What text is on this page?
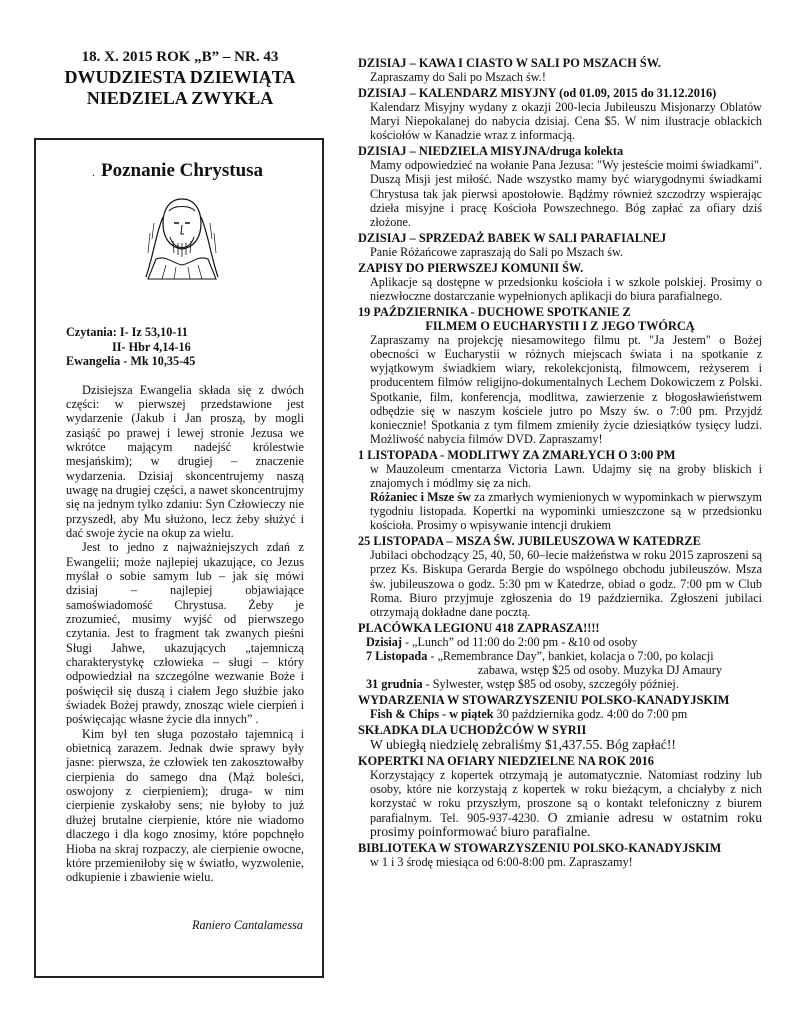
18. X. 2015 ROK „B” – NR. 43
DWUDZIESTA DZIEWIĄTA
NIEDZIELA ZWYKŁA
. Poznanie Chrystusa
Czytania: I- Iz 53,10-11
II- Hbr 4,14-16
Ewangelia - Mk 10,35-45

Dzisiejsza Ewangelia składa się z dwóch części: w pierwszej przedstawione jest wydarzenie (Jakub i Jan proszą, by mogli zasiąść po prawej i lewej stronie Jezusa we wkrótce mającym nadejść królestwie mesjańskim); w drugiej – znaczenie wydarzenia. Dzisiaj skoncentrujemy naszą uwagę na drugiej części, a nawet skoncentrujmy się na jednym tylko zdaniu: Syn Człowieczy nie przyszedł, aby Mu służono, lecz żeby służyć i dać swoje życie na okup za wielu.

Jest to jedno z najważniejszych zdań z Ewangelii; może najlepiej ukazujące, co Jezus myślał o sobie samym lub – jak się mówi dzisiaj – najlepiej objawiające samoświadomość Chrystusa. Żeby je zrozumieć, musimy wyjść od pierwszego czytania. Jest to fragment tak zwanych pieśni Sługi Jahwe, ukazujących „tajemniczą charakterystykę człowieka – sługi – który odpowiedział na szczególne wezwanie Boże i poświęcił się duszą i ciałem Jego służbie jako świadek Bożej prawdy, znosząc wiele cierpień i poświęcając własne życie dla innych” .

Kim był ten sługa pozostało tajemnicą i obietnicą zarazem. Jednak dwie sprawy były jasne: pierwsza, że człowiek ten zakosztowałby cierpienia do samego dna (Mąż boleści, oswojony z cierpieniem); druga- w nim cierpienie zyskałoby sens; nie byłoby to już dłużej brutalne cierpienie, które nie wiadomo dlaczego i dla kogo znosimy, które popchnęło Hioba na skraj rozpaczy, ale cierpienie owocne, które przemieniłoby się w światło, wyzwolenie, odkupienie i zbawienie wielu.

Raniero Cantalamessa
DZISIAJ – KAWA I CIASTO W SALI PO MSZACH ŚW.
Zapraszamy do Sali po Mszach św.!
DZISIAJ – KALENDARZ MISYJNY (od 01.09, 2015 do 31.12.2016)
Kalendarz Misyjny wydany z okazji 200-lecia Jubileuszu Misjonarzy Oblatów Maryi Niepokalanej do nabycia dzisiaj. Cena $5. W nim ilustracje oblackich kościołów w Kanadzie wraz z informacją.
DZISIAJ – NIEDZIELA MISYJNA/druga kolekta
Mamy odpowiedzieć na wołanie Pana Jezusa: "Wy jesteście moimi świadkami". Duszą Misji jest miłość. Nade wszystko mamy być wiarygodnymi świadkami Chrystusa tak jak pierwsi apostołowie. Bądźmy również szczodrzy wspierając dzieła misyjne i pracę Kościoła Powszechnego. Bóg zapłać za ofiary dziś złożone.
DZISIAJ – SPRZEDAŻ BABEK W SALI PARAFIALNEJ
Panie Różańcowe zapraszają do Sali po Mszach św.
ZAPISY DO PIERWSZEJ KOMUNII ŚW.
Aplikacje są dostępne w przedsionku kościoła i w szkole polskiej. Prosimy o niezwłoczne dostarczanie wypełnionych aplikacji do biura parafialnego.
19 PAŹDZIERNIKA - DUCHOWE SPOTKANIE Z
FILMEM O EUCHARYSTII I Z JEGO TWÓRCĄ
Zapraszamy na projekcję niesamowitego filmu pt. "Ja Jestem" o Bożej obecności w Eucharystii w różnych miejscach świata i na spotkanie z wyjątkowym świadkiem wiary, rekolekcjonistą, filmowcem, reżyserem i producentem filmów religijno-dokumentalnych Lechem Dokowiczem z Polski. Spotkanie, film, konferencja, modlitwa, zawierzenie z błogosławieństwem odbędzie się w naszym kościele jutro po Mszy św. o 7:00 pm. Przyjdź koniecznie! Spotkania z tym filmem zmieniły życie dziesiątków tysięcy ludzi. Możliwość nabycia filmów DVD. Zapraszamy!
1 LISTOPADA - MODLITWY ZA ZMARŁYCH O 3:00 PM
w Mauzoleum cmentarza Victoria Lawn. Udajmy się na groby bliskich i znajomych i módlmy się za nich.
Różaniec i Msze św za zmarłych wymienionych w wypominkach w pierwszym tygodniu listopada. Kopertki na wypominki umieszczone są w przedsionku kościoła. Prosimy o wpisywanie intencji drukiem
25 LISTOPADA – MSZA ŚW. JUBILEUSZOWA W KATEDRZE
Jubilaci obchodzący 25, 40, 50, 60–lecie małżeństwa w roku 2015 zaproszeni są przez Ks. Biskupa Gerarda Bergie do wspólnego obchodu jubileuszów. Msza św. jubileuszowa o godz. 5:30 pm w Katedrze, obiad o godz. 7:00 pm w Club Roma. Biuro przyjmuje zgłoszenia do 19 października. Zgłoszeni jubilaci otrzymają dokładne dane pocztą.
PLACÓWKA LEGIONU 418 ZAPRASZA!!!!
Dzisiaj - „Lunch” od 11:00 do 2:00 pm - &10 od osoby
7 Listopada - „Remembrance Day”, bankiet, kolacja o 7:00, po kolacji
zabawa, wstęp $25 od osoby. Muzyka DJ Amaury
31 grudnia - Sylwester, wstęp $85 od osoby, szczegóły później.
WYDARZENIA W STOWARZYSZENIU POLSKO-KANADYJSKIM
Fish & Chips - w piątek 30 października godz. 4:00 do 7:00 pm
SKŁADKA DLA UCHODŹCÓW W SYRII
W ubiegłą niedzielę zebraliśmy $1,437.55. Bóg zapłać!!
KOPERTKI NA OFIARY NIEDZIELNE NA ROK 2016
Korzystający z kopertek otrzymają je automatycznie. Natomiast rodziny lub osoby, które nie korzystają z kopertek w roku bieżącym, a chciałyby z nich korzystać w roku przyszłym, proszone są o kontakt telefoniczny z biurem parafialnym. Tel. 905-937-4230. O zmianie adresu w ostatnim roku prosimy poinformować biuro parafialne.
BIBLIOTEKA W STOWARZYSZENIU POLSKO-KANADYJSKIM
w 1 i 3 środę miesiąca od 6:00-8:00 pm. Zapraszamy!
